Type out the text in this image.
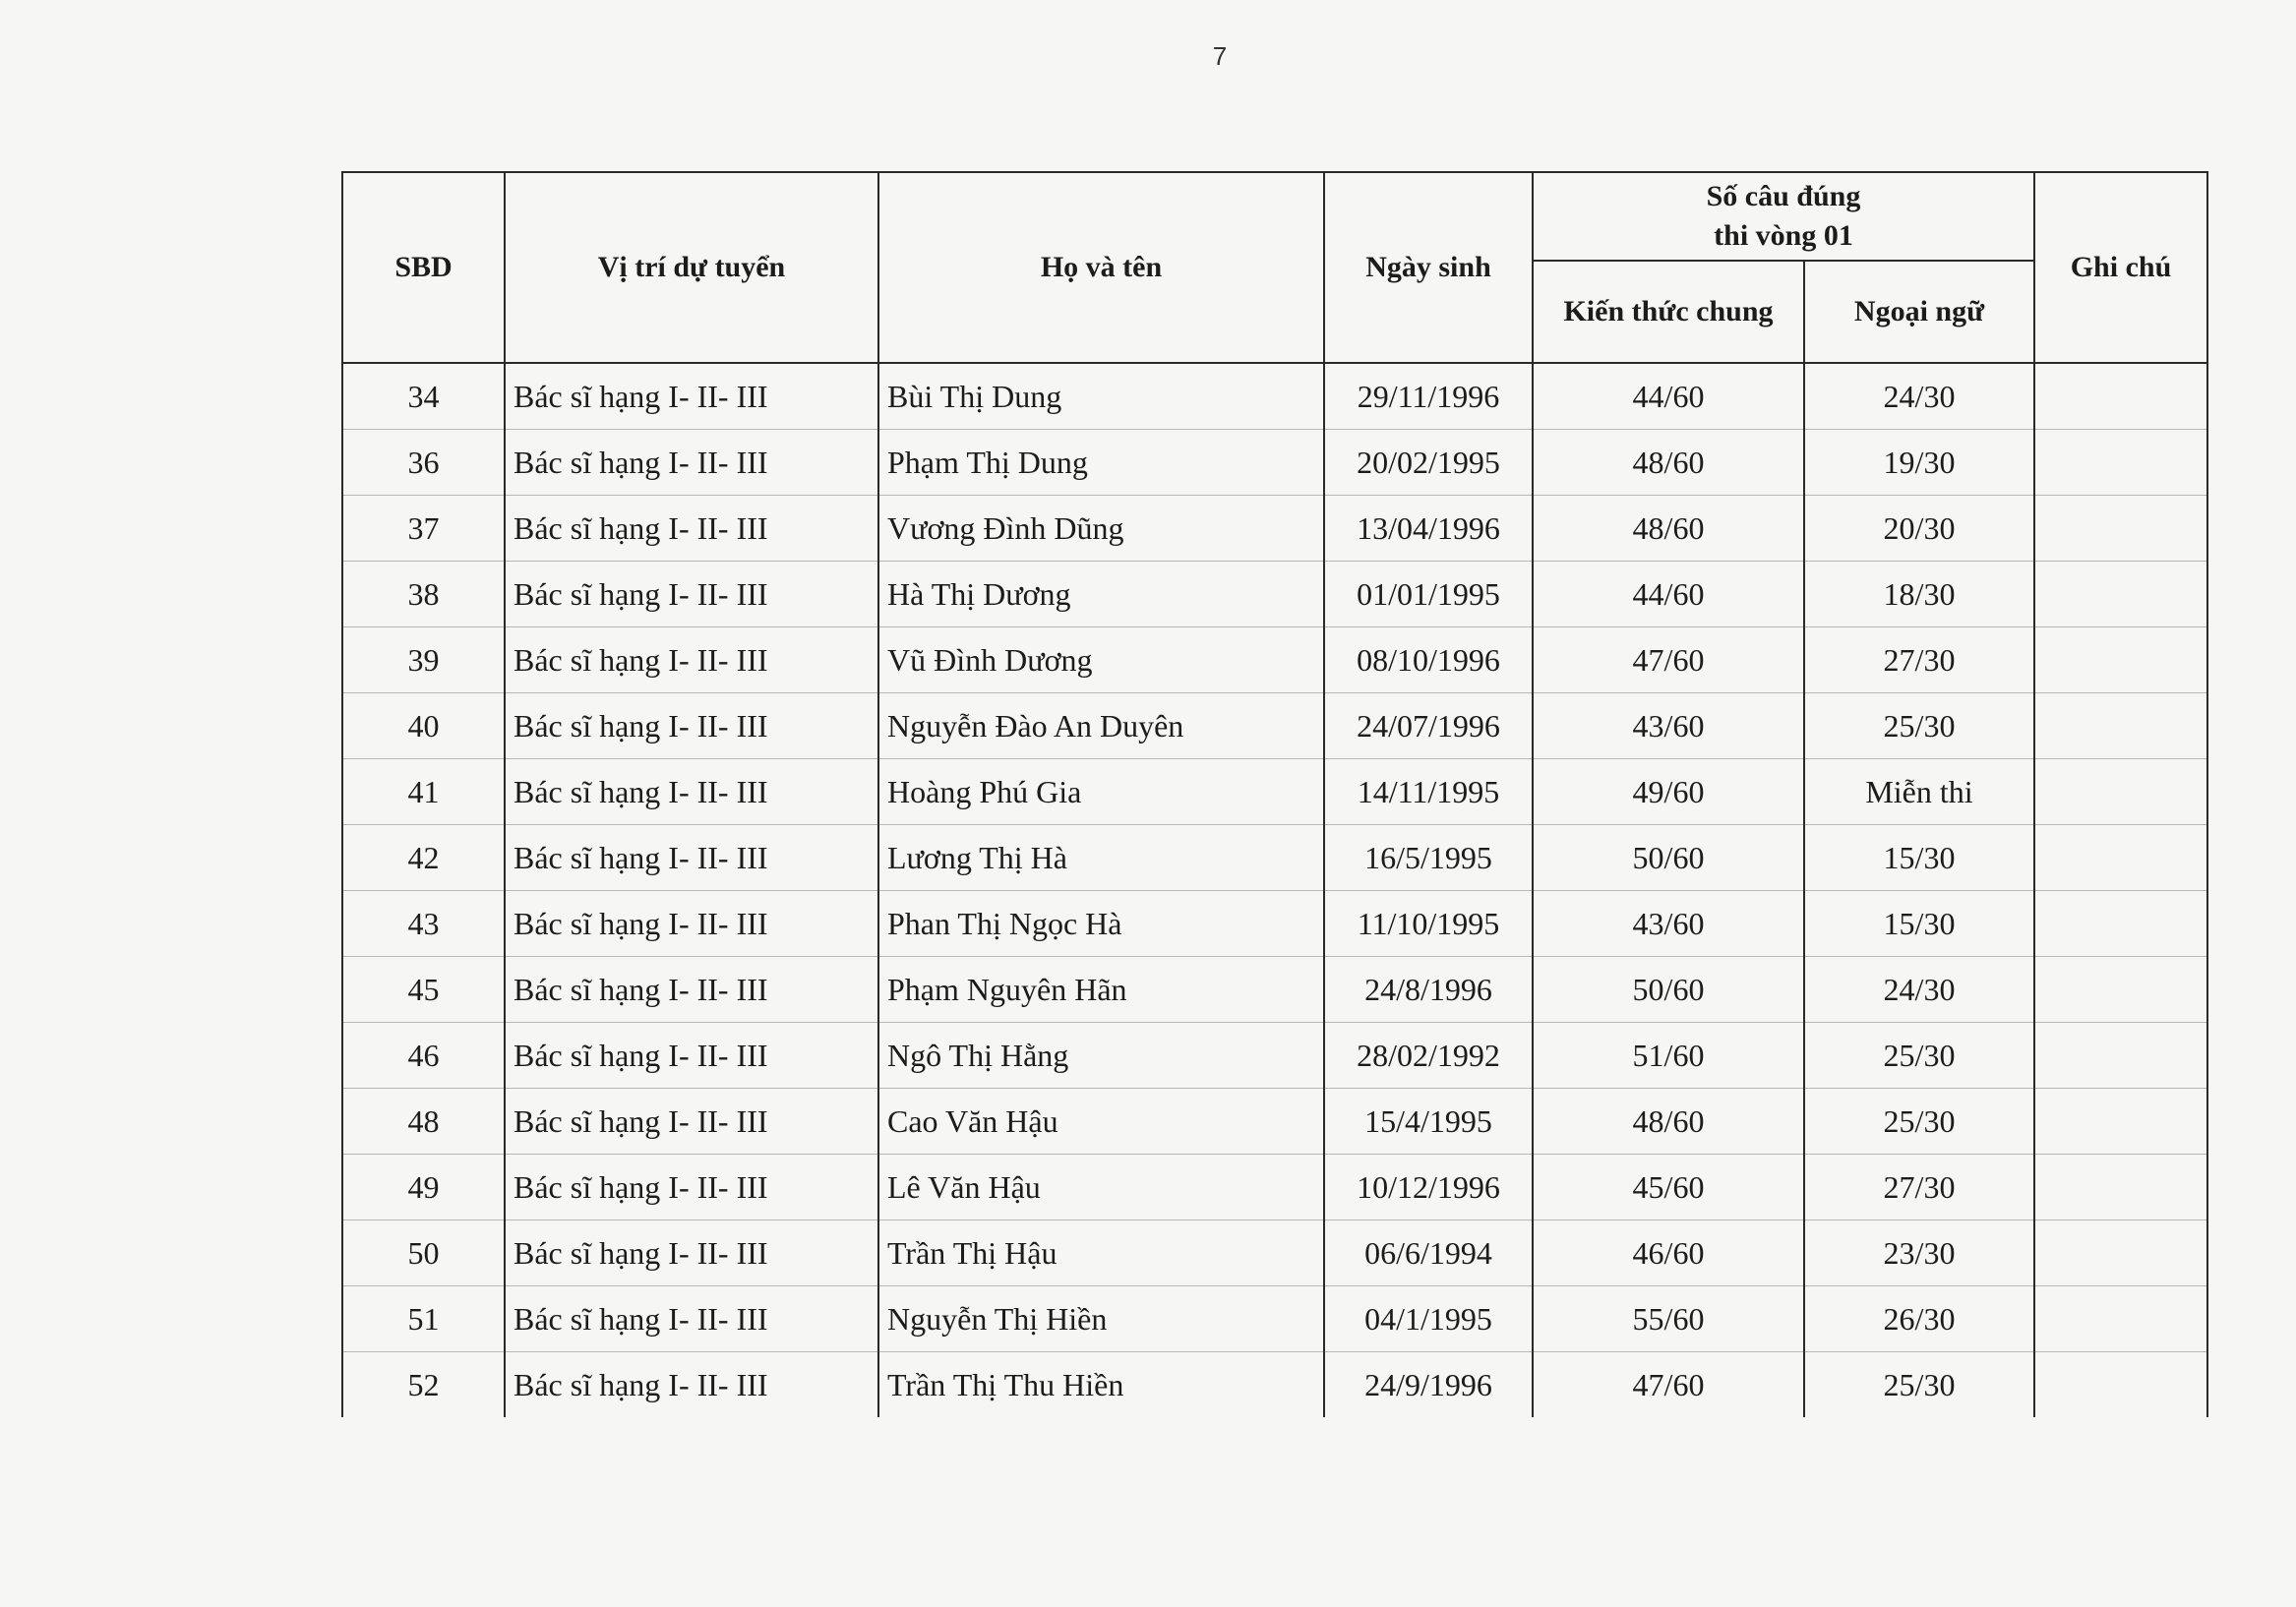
7
SBD	Vị trí dự tuyển	Họ và tên	Ngày sinh	Số câu đúng
thi vòng 01		Ghi chú
				Kiến thức chung	Ngoại ngữ	
34	Bác sĩ hạng I- II- III	Bùi Thị Dung	29/11/1996	44/60	24/30	
36	Bác sĩ hạng I- II- III	Phạm Thị Dung	20/02/1995	48/60	19/30	
37	Bác sĩ hạng I- II- III	Vương Đình Dũng	13/04/1996	48/60	20/30	
38	Bác sĩ hạng I- II- III	Hà Thị Dương	01/01/1995	44/60	18/30	
39	Bác sĩ hạng I- II- III	Vũ Đình Dương	08/10/1996	47/60	27/30	
40	Bác sĩ hạng I- II- III	Nguyễn Đào An Duyên	24/07/1996	43/60	25/30	
41	Bác sĩ hạng I- II- III	Hoàng Phú Gia	14/11/1995	49/60	Miễn thi	
42	Bác sĩ hạng I- II- III	Lương Thị Hà	16/5/1995	50/60	15/30	
43	Bác sĩ hạng I- II- III	Phan Thị Ngọc Hà	11/10/1995	43/60	15/30	
45	Bác sĩ hạng I- II- III	Phạm Nguyên Hãn	24/8/1996	50/60	24/30	
46	Bác sĩ hạng I- II- III	Ngô Thị Hằng	28/02/1992	51/60	25/30	
48	Bác sĩ hạng I- II- III	Cao Văn Hậu	15/4/1995	48/60	25/30	
49	Bác sĩ hạng I- II- III	Lê Văn Hậu	10/12/1996	45/60	27/30	
50	Bác sĩ hạng I- II- III	Trần Thị Hậu	06/6/1994	46/60	23/30	
51	Bác sĩ hạng I- II- III	Nguyễn Thị Hiền	04/1/1995	55/60	26/30	
52	Bác sĩ hạng I- II- III	Trần Thị Thu Hiền	24/9/1996	47/60	25/30	
